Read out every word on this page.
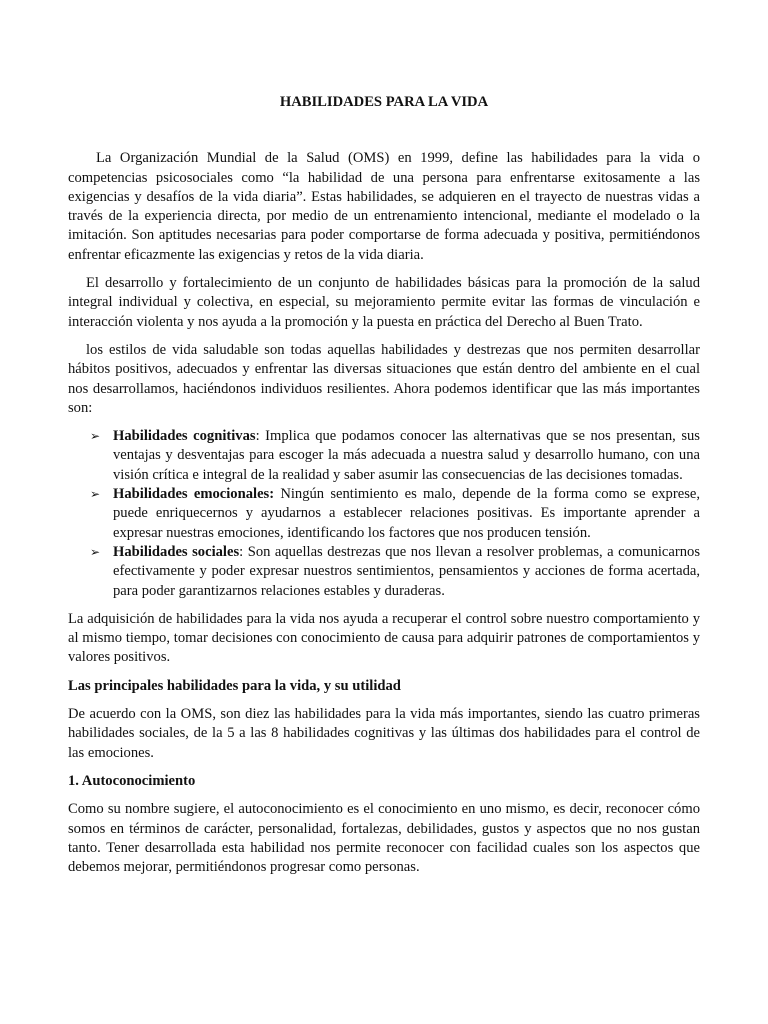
HABILIDADES PARA LA VIDA

La Organización Mundial de la Salud (OMS) en 1999, define las habilidades para la vida o competencias psicosociales como “la habilidad de una persona para enfrentarse exitosamente a las exigencias y desafíos de la vida diaria”. Estas habilidades, se adquieren en el trayecto de nuestras vidas a través de la experiencia directa, por medio de un entrenamiento intencional, mediante el modelado o la imitación. Son aptitudes necesarias para poder comportarse de forma adecuada y positiva, permitiéndonos enfrentar eficazmente las exigencias y retos de la vida diaria.

El desarrollo y fortalecimiento de un conjunto de habilidades básicas para la promoción de la salud integral individual y colectiva, en especial, su mejoramiento permite evitar las formas de vinculación e interacción violenta y nos ayuda a la promoción y la puesta en práctica del Derecho al Buen Trato.

los estilos de vida saludable son todas aquellas habilidades y destrezas que nos permiten desarrollar hábitos positivos, adecuados y enfrentar las diversas situaciones que están dentro del ambiente en el cual nos desarrollamos, haciéndonos individuos resilientes. Ahora podemos identificar que las más importantes son:

➢ Habilidades cognitivas: Implica que podamos conocer las alternativas que se nos presentan, sus ventajas y desventajas para escoger la más adecuada a nuestra salud y desarrollo humano, con una visión crítica e integral de la realidad y saber asumir las consecuencias de las decisiones tomadas.
➢ Habilidades emocionales: Ningún sentimiento es malo, depende de la forma como se exprese, puede enriquecernos y ayudarnos a establecer relaciones positivas. Es importante aprender a expresar nuestras emociones, identificando los factores que nos producen tensión.
➢ Habilidades sociales: Son aquellas destrezas que nos llevan a resolver problemas, a comunicarnos efectivamente y poder expresar nuestros sentimientos, pensamientos y acciones de forma acertada, para poder garantizarnos relaciones estables y duraderas.

La adquisición de habilidades para la vida nos ayuda a recuperar el control sobre nuestro comportamiento y al mismo tiempo, tomar decisiones con conocimiento de causa para adquirir patrones de comportamientos y valores positivos.

Las principales habilidades para la vida, y su utilidad

De acuerdo con la OMS, son diez las habilidades para la vida más importantes, siendo las cuatro primeras habilidades sociales, de la 5 a las 8 habilidades cognitivas y las últimas dos habilidades para el control de las emociones.

1. Autoconocimiento

Como su nombre sugiere, el autoconocimiento es el conocimiento en uno mismo, es decir, reconocer cómo somos en términos de carácter, personalidad, fortalezas, debilidades, gustos y aspectos que no nos gustan tanto. Tener desarrollada esta habilidad nos permite reconocer con facilidad cuales son los aspectos que debemos mejorar, permitiéndonos progresar como personas.
